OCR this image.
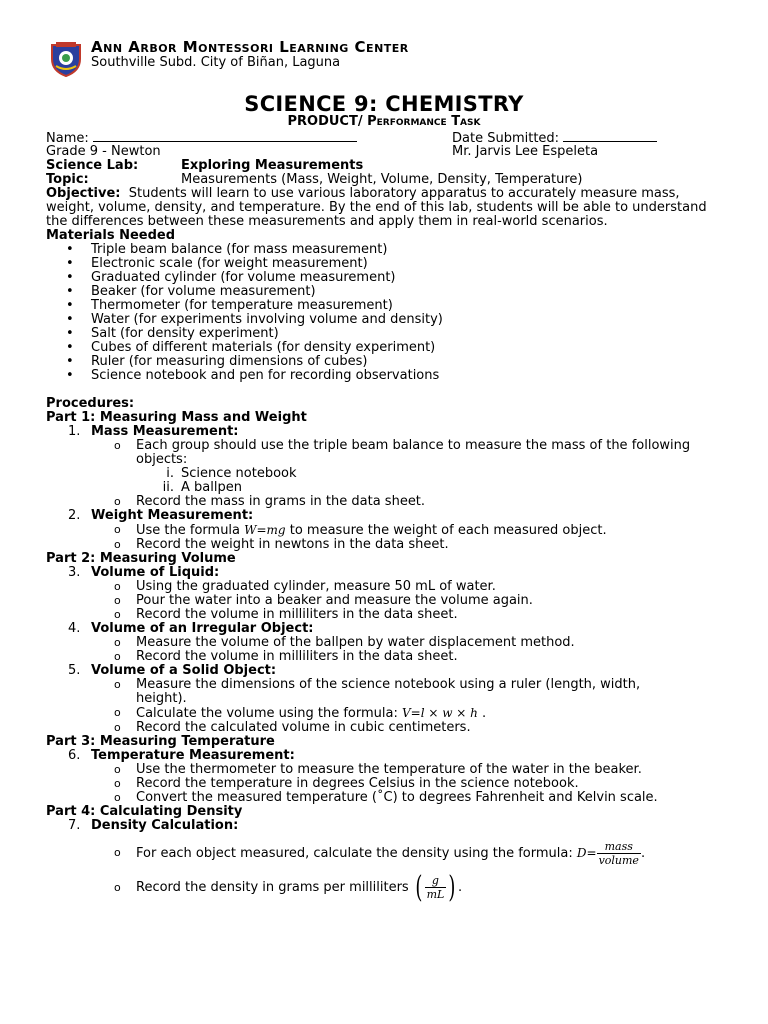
Ann Arbor Montessori Learning Center
Southville Subd. City of Biñan, Laguna
SCIENCE 9: CHEMISTRY
PRODUCT/ Performance Task
Name:	Date Submitted:
Grade 9 - Newton	Mr. Jarvis Lee Espeleta
Science Lab:	Exploring Measurements
Topic:	Measurements (Mass, Weight, Volume, Density, Temperature)
Objective: Students will learn to use various laboratory apparatus to accurately measure mass, weight, volume, density, and temperature. By the end of this lab, students will be able to understand the differences between these measurements and apply them in real-world scenarios.
Materials Needed
• Triple beam balance (for mass measurement)
• Electronic scale (for weight measurement)
• Graduated cylinder (for volume measurement)
• Beaker (for volume measurement)
• Thermometer (for temperature measurement)
• Water (for experiments involving volume and density)
• Salt (for density experiment)
• Cubes of different materials (for density experiment)
• Ruler (for measuring dimensions of cubes)
• Science notebook and pen for recording observations
Procedures:
Part 1: Measuring Mass and Weight
1. Mass Measurement:
o Each group should use the triple beam balance to measure the mass of the following objects:
i. Science notebook
ii. A ballpen
o Record the mass in grams in the data sheet.
2. Weight Measurement:
o Use the formula W=mg to measure the weight of each measured object.
o Record the weight in newtons in the data sheet.
Part 2: Measuring Volume
3. Volume of Liquid:
o Using the graduated cylinder, measure 50 mL of water.
o Pour the water into a beaker and measure the volume again.
o Record the volume in milliliters in the data sheet.
4. Volume of an Irregular Object:
o Measure the volume of the ballpen by water displacement method.
o Record the volume in milliliters in the data sheet.
5. Volume of a Solid Object:
o Measure the dimensions of the science notebook using a ruler (length, width, height).
o Calculate the volume using the formula: V=l × w × h .
o Record the calculated volume in cubic centimeters.
Part 3: Measuring Temperature
6. Temperature Measurement:
o Use the thermometer to measure the temperature of the water in the beaker.
o Record the temperature in degrees Celsius in the science notebook.
o Convert the measured temperature (˚C) to degrees Fahrenheit and Kelvin scale.
Part 4: Calculating Density
7. Density Calculation:
o For each object measured, calculate the density using the formula: $D= \frac{\text{mass}}{\text{volume}}$ .
o Record the density in grams per milliliters ( $\frac{g}{mL}$ ) .
